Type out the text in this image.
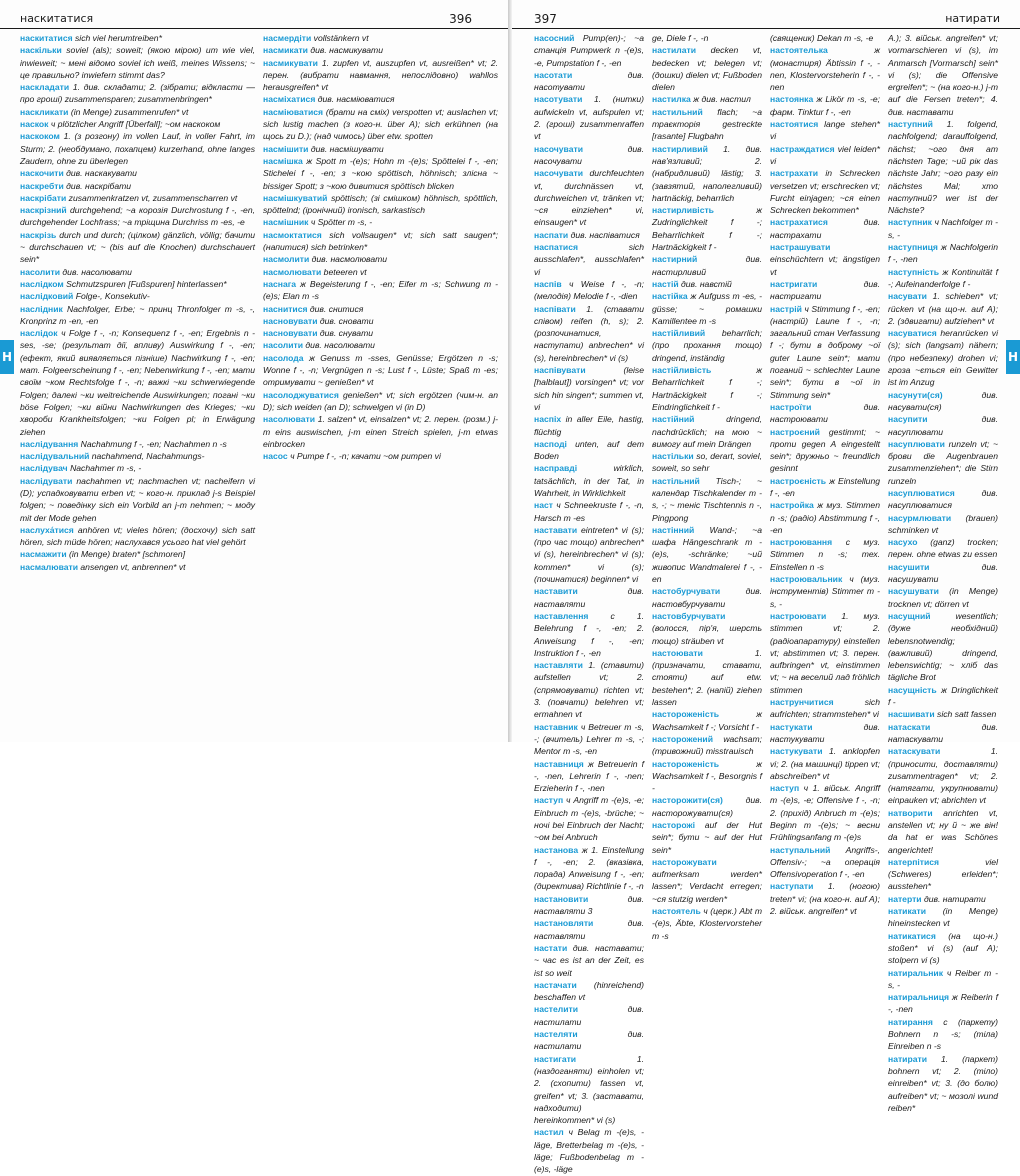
наскитатися	396

наскитатися sich viel herumtreiben*

наскільки soviel (als); soweit; (якою мірою) um wie viel, inwieweit; ~ мені відомо soviel ich weiß, meines Wissens; ~ це правильно? inwiefern stimmt das?

наскладати 1. див. складати; 2. (зібрати; відкласти — про гроші) zusammensparen; zusammenbringen*

наскликати (in Menge) zusammenrufen* vt

наскок ч plötzlicher Angriff [Überfall]; ~ом наскоком

наскоком 1. (з розгону) im vollen Lauf, in voller Fahrt, im Sturm; 2. (необдумано, похапцем) kurzerhand, ohne langes Zaudern, ohne zu überlegen

наскочити див. наскакувати

наскребти див. наскрібати

наскрібати zusammenkratzen vt, zusammenscharren vt

наскрізний durchgehend; ~а корозія Durchrostung f -, -en, durchgehender Lochfrass; ~а тріщина Durchriss m -es, -e

наскрізь durch und durch; (цілком) gänzlich, völlig; бачити ~ durchschauen vt; ~ (bis auf die Knochen) durchschauert sein*

насолити див. насолювати

наслідком Schmutzspuren [Fußspuren] hinterlassen*

наслідковий Folge-, Konsekutiv-

наслідник Nachfolger, Erbe; ~ принц Thronfolger m -s, -, Kronprinz m -en, -en

наслідок ч Folge f -, -n; Konsequenz f -, -en; Ergebnis n -ses, -se; (результат дії, впливу) Auswirkung f -, -en; (ефект, який виявляється пізніше) Nachwirkung f -, -en; мат. Folgeerscheinung f -, -en; Nebenwirkung f -, -en; мати своїм ~ком Rechtsfolge f -, -n; важкі ~ки schwerwiegende Folgen; далекі ~ки weitreichende Auswirkungen; погані ~ки böse Folgen; ~ки війни Nachwirkungen des Krieges; ~ки хвороби Krankheitsfolgen; ~ки Folgen pl; in Erwägung ziehen

наслідування Nachahmung f -, -en; Nachahmen n -s

наслідувальний nachahmend, Nachahmungs-

наслідувач Nachahmer m -s, -

наслідувати nachahmen vt; nachmachen vt; nacheifern vi (D); успадковувати erben vt; ~ кого-н. приклад j-s Beispiel folgen; ~ поведінку sich ein Vorbild an j-m nehmen; ~ моду mit der Mode gehen

наслуха́тися anhören vt; vieles hören; (досхочу) sich satt hören, sich müde hören; наслухався усього hat viel gehört

насмажити (in Menge) braten* [schmoren]

насмалювати ansengen vt, anbrennen* vt

насмердіти vollstänkern vt

насмикати див. насмикувати

насмикувати 1. zupfen vt, auszupfen vt, ausreißen* vt; 2. перен. (вибрати навмання, непослідовно) wahllos herausgreifen* vt

насміхатися див. насміюватися

насміюватися (брати на сміх) verspotten vt; auslachen vt; sich lustig machen (з кого-н. über A); sich erkühnen (на щось zu D.); (над чимось) über etw. spotten

насмішити див. насмішувати

насмішка ж Spott m -(e)s; Hohn m -(e)s; Spöttelei f -, -en; Stichelei f -, -en; з ~кою spöttisch, höhnisch; злісна ~ bissiger Spott; з ~кою дивитися spöttisch blicken

насмішкуватий spöttisch; (зі смішком) höhnisch, spöttlich, spöttelnd; (іронічний) ironisch, sarkastisch

насмішник ч Spötter m -s, -

насмоктатися sich vollsaugen* vt; sich satt saugen*; (напитися) sich betrinken*

насмолити див. насмолювати

насмолювати beteeren vt

наснага ж Begeisterung f -, -en; Eifer m -s; Schwung m -(e)s; Elan m -s

наснитися див. снитися

насновувати див. сновати

насновувати див. снувати

насолити див. насолювати

насолода ж Genuss m -sses, Genüsse; Ergötzen n -s; Wonne f -, -n; Vergnügen n -s; Lust f -, Lüste; Spaß m -es; отримувати ~ genießen* vt

насолоджуватися genießen* vt; sich ergötzen (чим-н. an D); sich weiden (an D); schwelgen vi (in D)

насолювати 1. salzen* vt, einsalzen* vt; 2. перен. (розм.) j-m eins auswischen, j-m einen Streich spielen, j-m etwas einbrocken

насос ч Pumpe f -, -n; качати ~ом pumpen vi

Н
397	натирати

насосний Pump(en)-; ~а станція Pumpwerk n -(e)s, -e, Pumpstation f -, -en

насотати	див. насотувати

насотувати 1. (нитки) aufwickeln vt, aufspulen vt; 2. (гроші) zusammenraffen vt

насочувати	див. насочувати

насочувати durchfeuchten vt, durchnässen vt, durchweichen vt, tränken vt; ~ся einziehen* vi, einsaugen* vt

наспати див. наспіватися

наспатися	sich ausschlafen*, ausschlafen* vi

наспів ч Weise f -, -n; (мелодія) Melodie f -, -dien

наспівати 1. (ставати співом) reifen (h, s); 2. (розпочинатися, наступати) anbrechen* vi (s), hereinbrechen* vi (s)

наспівувати	(leise [halblaut]) vorsingen* vt; vor sich hin singen*; summen vt, vi

наспіх in aller Eile, hastig, flüchtig

насподі unten, auf dem Boden

насправді	wirklich, tatsächlich, in der Tat, in Wahrheit, in Wirklichkeit

наст ч Schneekruste f -, -n, Harsch m -es

наставати eintreten* vi (s); (про час тощо) anbrechen* vi (s), hereinbrechen* vi (s); kommen* vi (s); (починатися) beginnen* vi

наставити	див. наставляти

наставлення	с 1. Belehrung f -, -en; 2. Anweisung f -, -en; Instruktion f -, -en

наставляти 1. (ставити) aufstellen vt; 2. (спрямовувати) richten vt; 3. (повчати) belehren vt; ermahnen vt

наставник ч Betreuer m -s, -; (вчитель) Lehrer m -s, -; Mentor m -s, -en

наставниця ж Betreuerin f -, -nen, Lehrerin f -, -nen; Erzieherin f -, -nen

наступ ч Angriff m -(e)s, -e; Einbruch m -(e)s, -brüche; ~ ночі bei Einbruch der Nacht; ~ом bei Anbruch

настанова ж 1. Einstellung f -, -en; 2. (вказівка, порада) Anweisung f -, -en; (директива) Richtlinie f -, -n

настановити	див. наставляти 3

настановляти	див. наставляти

настати див. наставати; ~ час es ist an der Zeit, es ist so weit

настачати (hinreichend) beschaffen vt

настелити	див. настилати

настеляти	див. настилати

настигати	1. (наздоганяти) einholen vt; 2. (схопити) fassen vt, greifen* vt; 3. (заставати, надходити) hereinkommen* vi (s)

настил ч Belag m -(e)s, -läge, Bretterbelag m -(e)s, -läge; Fußbodenbelag m -(e)s, -läge

ge, Diele f -, -n

настилати decken vt, bedecken vt; belegen vt; (дошки) dielen vt; Fußboden dielen

настилка ж див. настил

настильний flach; ~а траєкторія gestreckte [rasante] Flugbahn

настирливий 1. див. нав'язливий; 2. (набридливий) lästig; 3. (завзятий, наполегливий) hartnäckig, beharrlich

настирливість	ж Zudringlichkeit f -; Beharrlichkeit f -; Hartnäckigkeit f -

настирний	див. настирливий

настій див. навстій

настійка ж Aufguss m -es, -güsse; ~ ромашки Kamillentee m -s

настійливий beharrlich; (про прохання тощо) dringend, inständig

настійливість	ж Beharrlichkeit f -; Hartnäckigkeit f -; Eindringlichkeit f -

настійний	dringend, nachdrücklich; на мою ~ вимогу auf mein Drängen

настільки so, derart, soviel, soweit, so sehr

настільний Tisch-; ~ календар Tischkalender m -s, -; ~ теніс Tischtennis n -, Pingpong

настінний Wand-; ~а шафа Hängeschrank m -(e)s, -schränke; ~ий живопис Wandmalerei f -, -en

настобурчувати	див. настовбурчувати

настовбурчувати (волосся, пір'я, шерсть тощо) sträuben vt

настоювати	1. (призначати, ставати, стояти) auf etw. bestehen*; 2. (напій) ziehen lassen

настороженість	ж Wachsamkeit f -; Vorsicht f -

насторожений wachsam; (тривожний) misstrauisch

настороженість	ж Wachsamkeit f -, Besorgnis f -

насторожити(ся)	див. насторожувати(ся)

насторожі auf der Hut sein*; бути ~ auf der Hut sein*

насторожувати aufmerksam werden* lassen*; Verdacht erregen; ~ся stutzig werden*

настоятель ч (церк.) Abt m -(e)s, Äbte, Klostervorsteher m -s

(священик) Dekan m -s, -e

настоятелька	ж (монастиря) Äbtissin f -, -nen, Klostervorsteherin f -, -nen

настоянка ж Likör m -s, -e; фарм. Tinktur f -, -en

настоятися lange stehen* vi

настраждатися viel leiden* vi

настрахати in Schrecken versetzen vt; erschrecken vt; Furcht einjagen; ~ся einen Schrecken bekommen*

настрахатися	див. настрахати

настрашувати einschüchtern vt; ängstigen vt

настригати	див. настригати

настрій ч Stimmung f -, -en; (настрій) Laune f -, -n; загальний стан Verfassung f -; бути в доброму ~ої guter Laune sein*; мати поганий ~ schlechter Laune sein*; бути в ~ої in Stimmung sein*

настроїти	див. настроювати

настроєний gestimmt; ~ проти gegen A eingestellt sein*; дружньо ~ freundlich gesinnt

настроєність ж Einstellung f -, -en

настройка ж муз. Stimmen n -s; (радіо) Abstimmung f -, -en

настроювання с муз. Stimmen n -s; тех. Einstellen n -s

настроювальник ч (муз. інструментів) Stimmer m -s, -

настроювати 1. муз. stimmen vt; 2. (радіоапаратуру) einstellen vt; abstimmen vt; 3. перен. aufbringen* vt, einstimmen vt; ~ на веселий лад fröhlich stimmen

наструнчитися	sich aufrichten; strammstehen* vi

настукати	див. настукувати

настукувати 1. anklopfen vi; 2. (на машинці) tippen vt; abschreiben* vt

наступ ч 1. військ. Angriff m -(e)s, -e; Offensive f -, -n; 2. (прихід) Anbruch m -(e)s; Beginn m -(e)s; ~ весни Frühlingsanfang m -(e)s

наступальний Angriffs-, Offensiv-; ~а операція Offensivoperation f -, -en

наступати 1. (ногою) treten* vi; (на кого-н. auf A); 2. військ. angreifen* vt

A.); 3. військ. angreifen* vt; vormarschieren vi (s), im Anmarsch [Vormarsch] sein* vi (s); die Offensive ergreifen*; ~ (на кого-н.) j-m auf die Fersen treten*; 4. див. наставати

наступний 1. folgend, nachfolgend; darauffolgend, nächst; ~ого дня am nächsten Tage; ~ий рік das nächste Jahr; ~ого разу ein nächstes Mal; хто наступний? wer ist der Nächste?

наступник ч Nachfolger m -s, -

наступниця ж Nachfolgerin f -, -nen

наступність ж Kontinuität f -; Aufeinanderfolge f -

насувати 1. schieben* vt; rücken vt (на що-н. auf A); 2. (здвигати) aufziehen* vt

насуватися heranrücken vi (s); sich (langsam) nähern; (про небезпеку) drohen vi; гроза ~ється ein Gewitter ist im Anzug

насунути(ся)	див. насувати(ся)

насупити	див. насуплювати

насуплювати runzeln vt; ~ брови die Augenbrauen zusammenziehen*; die Stirn runzeln

насуплюватися	див. насуплюватися

насурмлювати (brauen) schminken vt

насухо (ganz) trocken; перен. ohne etwas zu essen

насушити	див. насушувати

насушувати (in Menge) trocknen vt; dörren vt

насущний	wesentlich; (дуже необхідний) lebensnotwendig; (важливий) dringend, lebenswichtig; ~ хліб das tägliche Brot

насущність ж Dringlichkeit f -

насшивати sich satt fassen

натаскати	див. натаскувати

натаскувати	1. (приносити, доставляти) zusammentragen* vt; 2. (натягати, укрупнювати) einpauken vt; abrichten vt

натворити anrichten vt, anstellen vt; ну й ~ же він! da hat er was Schönes angerichtet!

натерпітися	viel (Schweres) erleiden*; ausstehen*

натерти див. натирати

натикати (in Menge) hineinstecken vt

натикатися (на що-н.) stoßen* vi (s) (auf A); stolpern vi (s)

натиральник ч Reiber m -s, -

натиральниця ж Reiberin f -, -nen

натирання с (паркету) Bohnern n -s; (тіла) Einreiben n -s

натирати 1. (паркет) bohnern vt; 2. (тіло) einreiben* vt; 3. (до болю) aufreiben* vt; ~ мозолі wund reiben*

Н
